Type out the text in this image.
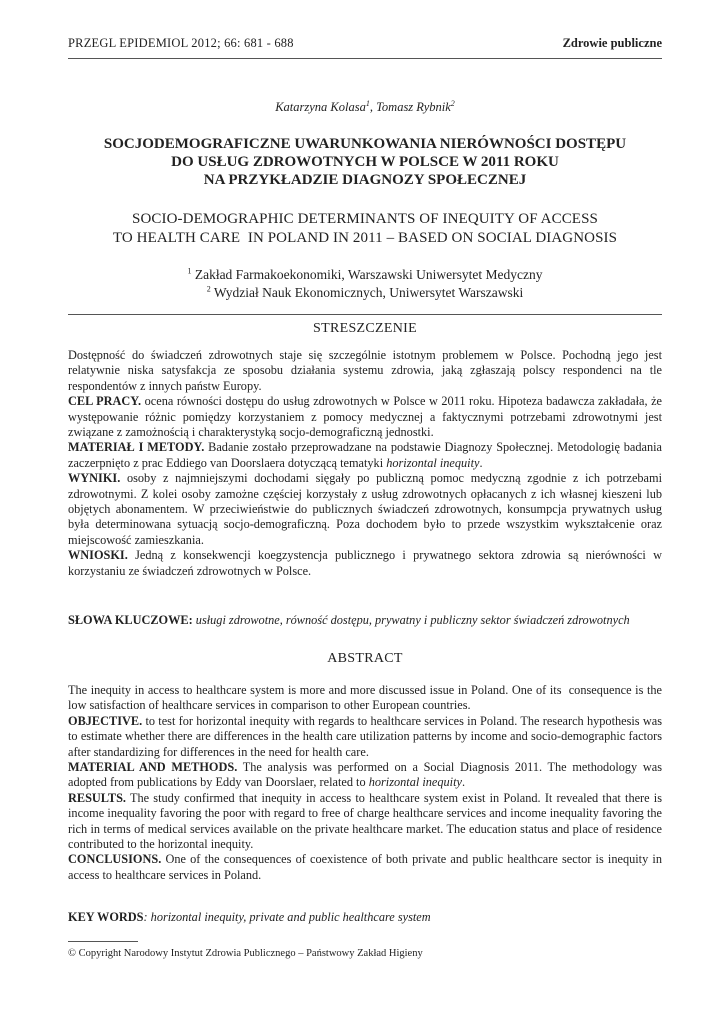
PRZEGL EPIDEMIOL 2012; 66: 681 - 688	Zdrowie publiczne
Katarzyna Kolasa$^1$, Tomasz Rybnik$^2$
SOCJODEMOGRAFICZNE UWARUNKOWANIA NIERÓWNOŚCI DOSTĘPU
DO USŁUG ZDROWOTNYCH W POLSCE W 2011 ROKU
NA PRZYKŁADZIE DIAGNOZY SPOŁECZNEJ
SOCIO-DEMOGRAPHIC DETERMINANTS OF INEQUITY OF ACCESS
TO HEALTH CARE  IN POLAND IN 2011 – BASED ON SOCIAL DIAGNOSIS
$^1$ Zakład Farmakoekonomiki, Warszawski Uniwersytet Medyczny
$^2$ Wydział Nauk Ekonomicznych, Uniwersytet Warszawski
STRESZCZENIE

Dostępność do świadczeń zdrowotnych staje się szczególnie istotnym problemem w Polsce. Pochodną jego jest relatywnie niska satysfakcja ze sposobu działania systemu zdrowia, jaką zgłaszają polscy respondenci na tle respondentów z innych państw Europy.

CEL PRACY. ocena równości dostępu do usług zdrowotnych w Polsce w 2011 roku. Hipoteza badawcza zakładała, że występowanie różnic pomiędzy korzystaniem z pomocy medycznej a faktycznymi potrzebami zdrowotnymi jest związane z zamożnością i charakterystyką socjo-demograficzną jednostki.

MATERIAŁ I METODY. Badanie zostało przeprowadzane na podstawie Diagnozy Społecznej. Metodologię badania zaczerpnięto z prac Eddiego van Doorslaera dotyczącą tematyki horizontal inequity.

WYNIKI. osoby z najmniejszymi dochodami sięgały po publiczną pomoc medyczną zgodnie z ich potrzebami zdrowotnymi. Z kolei osoby zamożne częściej korzystały z usług zdrowotnych opłacanych z ich własnej kieszeni lub objętych abonamentem. W przeciwieństwie do publicznych świadczeń zdrowotnych, konsumpcja prywatnych usług była determinowana sytuacją socjo-demograficzną. Poza dochodem było to przede wszystkim wykształcenie oraz miejscowość zamieszkania.

WNIOSKI. Jedną z konsekwencji koegzystencja publicznego i prywatnego sektora zdrowia są nierówności w korzystaniu ze świadczeń zdrowotnych w Polsce.

SŁOWA KLUCZOWE: usługi zdrowotne, równość dostępu, prywatny i publiczny sektor świadczeń zdrowotnych
ABSTRACT

The inequity in access to healthcare system is more and more discussed issue in Poland. One of its  consequence is the low satisfaction of healthcare services in comparison to other European countries.

OBJECTIVE. to test for horizontal inequity with regards to healthcare services in Poland. The research hypothesis was to estimate whether there are differences in the health care utilization patterns by income and socio-demographic factors after standardizing for differences in the need for health care.

MATERIAL AND METHODS. The analysis was performed on a Social Diagnosis 2011. The methodology was adopted from publications by Eddy van Doorslaer, related to horizontal inequity.

RESULTS. The study confirmed that inequity in access to healthcare system exist in Poland. It revealed that there is income inequality favoring the poor with regard to free of charge healthcare services and income inequality favoring the rich in terms of medical services available on the private healthcare market. The education status and place of residence contributed to the horizontal inequity.

CONCLUSIONS. One of the consequences of coexistence of both private and public healthcare sector is inequity in access to healthcare services in Poland.

KEY WORDS: horizontal inequity, private and public healthcare system
© Copyright Narodowy Instytut Zdrowia Publicznego – Państwowy Zakład Higieny
